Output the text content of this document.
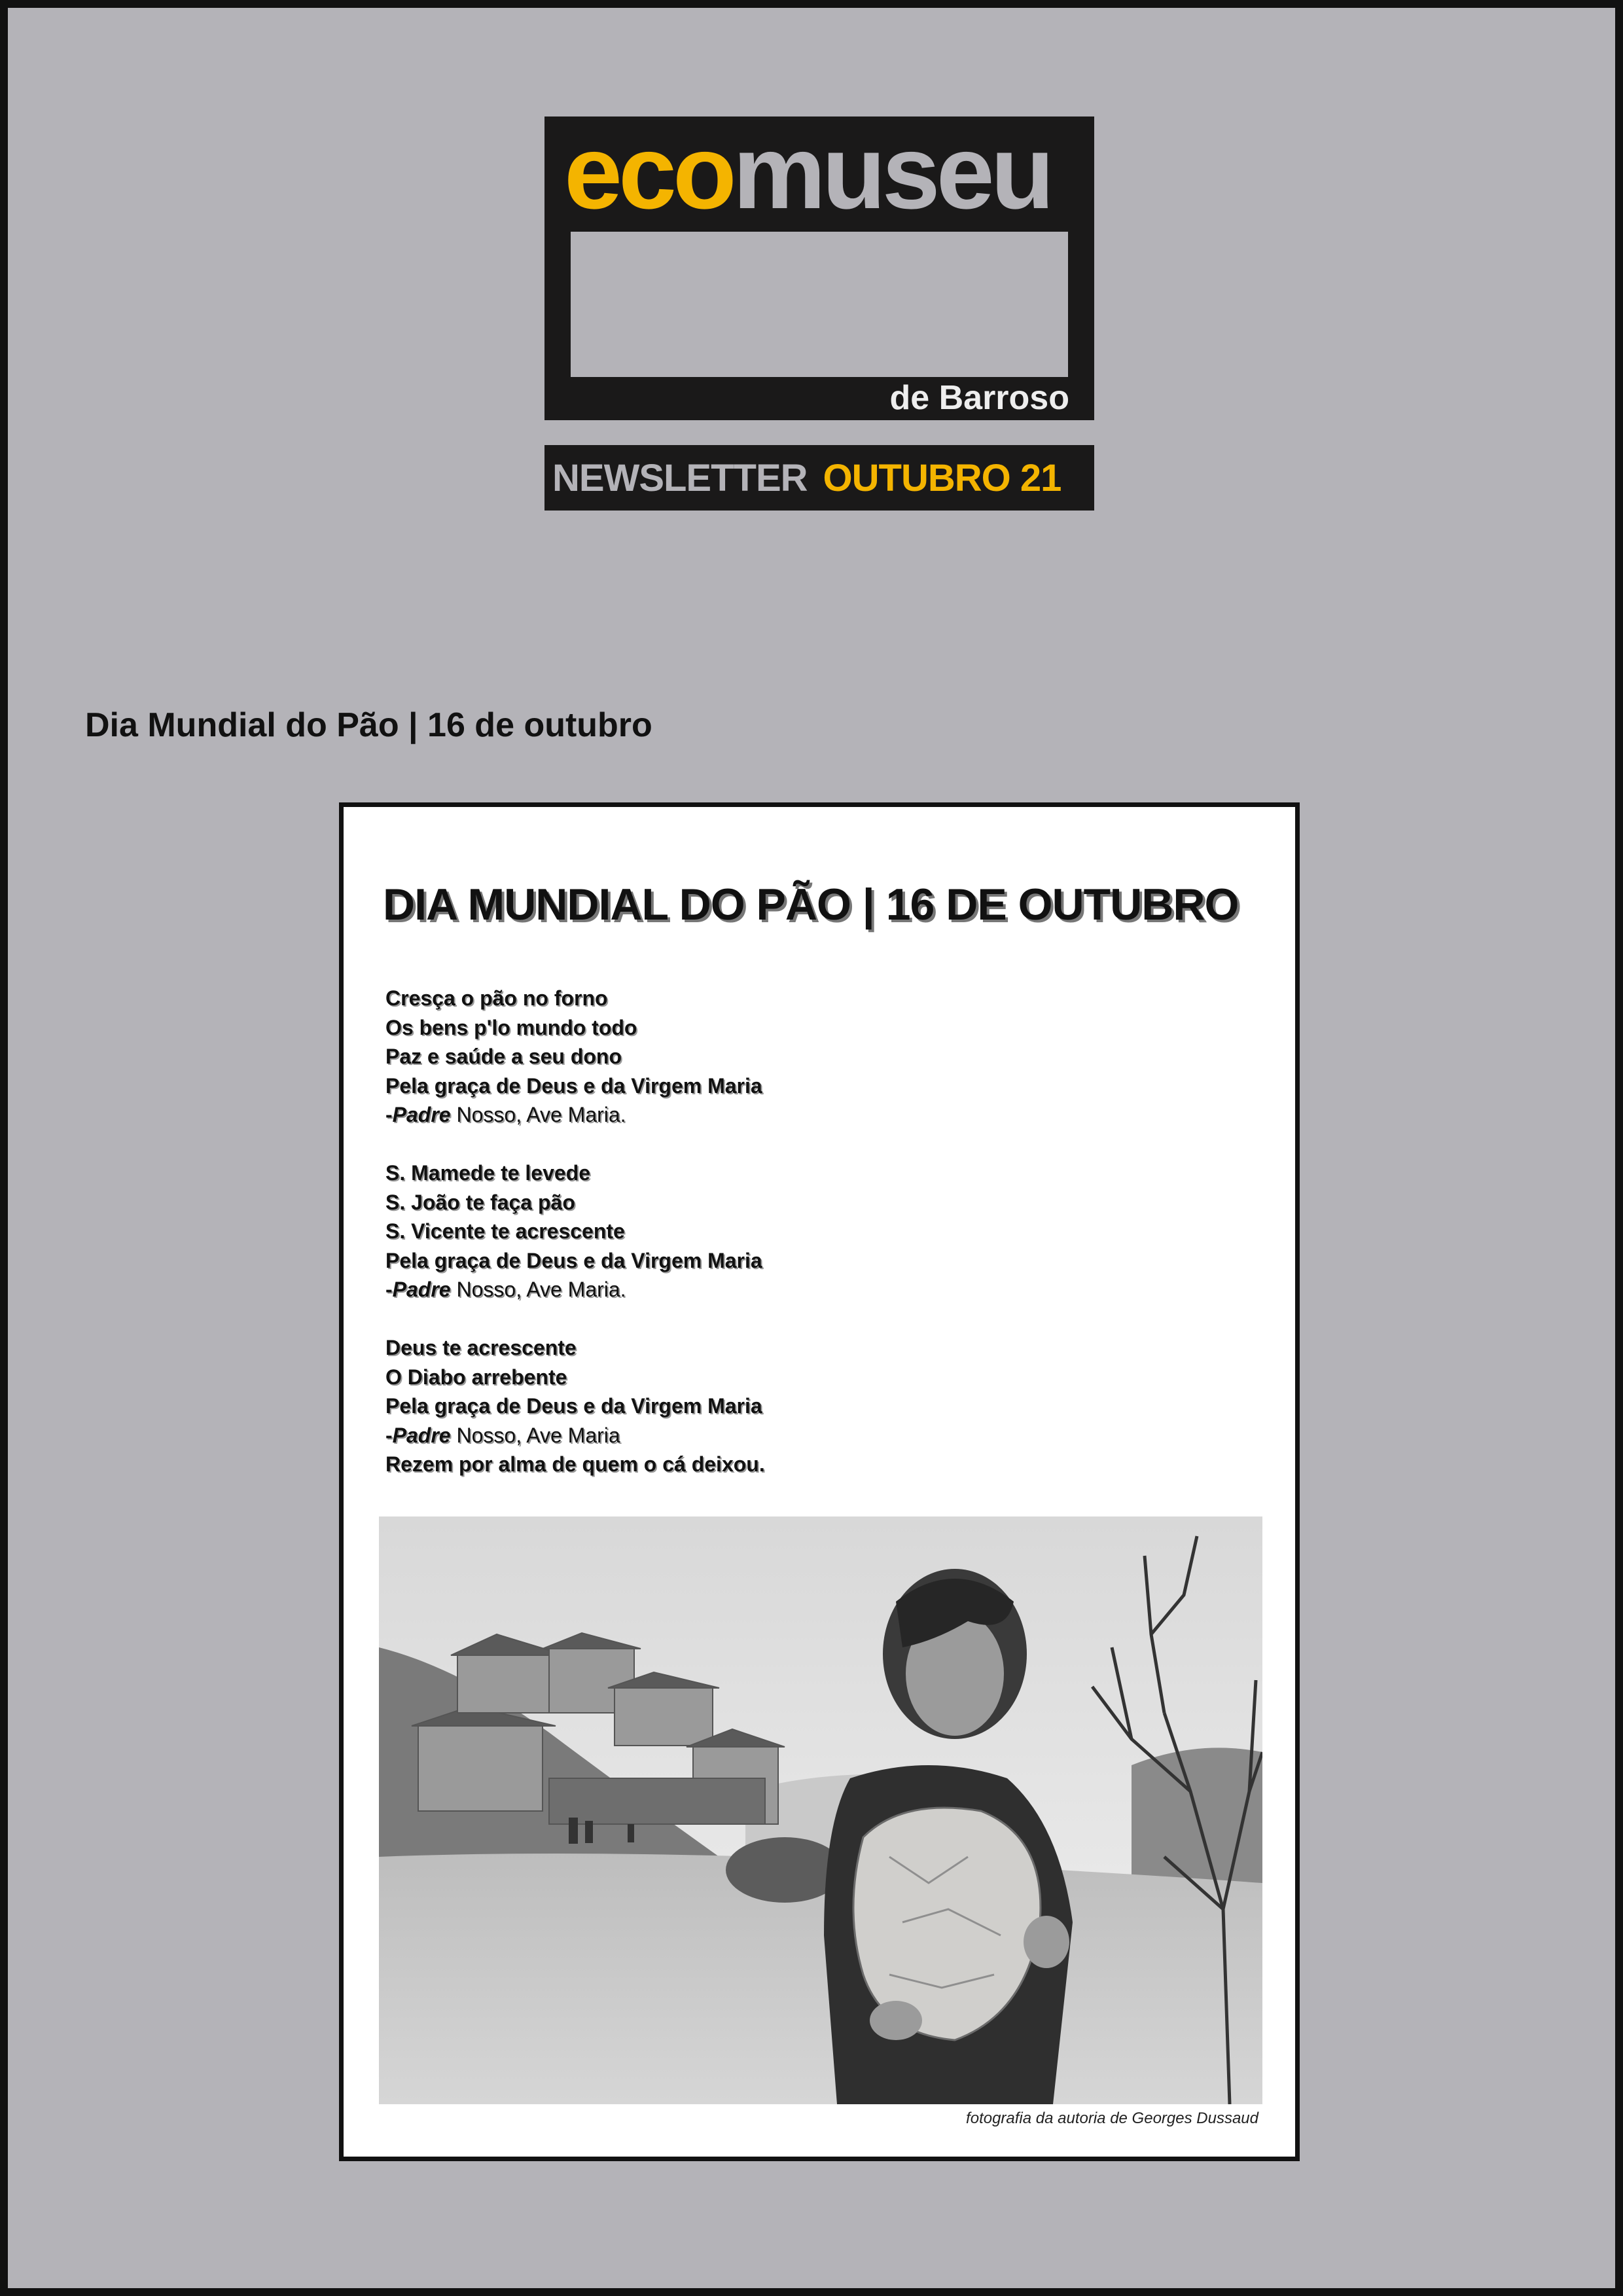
ecomuseu
de Barroso
NEWSLETTER OUTUBRO 21
Dia Mundial do Pão | 16 de outubro
DIA MUNDIAL DO PÃO | 16 DE OUTUBRO

Cresça o pão no forno
Os bens p'lo mundo todo
Paz e saúde a seu dono
Pela graça de Deus e da Virgem Maria
-Padre Nosso, Ave Maria.

S. Mamede te levede
S. João te faça pão
S. Vicente te acrescente
Pela graça de Deus e da Virgem Maria
-Padre Nosso, Ave Maria.

Deus te acrescente
O Diabo arrebente
Pela graça de Deus e da Virgem Maria
-Padre Nosso, Ave Maria
Rezem por alma de quem o cá deixou.

fotografia da autoria de Georges Dussaud
